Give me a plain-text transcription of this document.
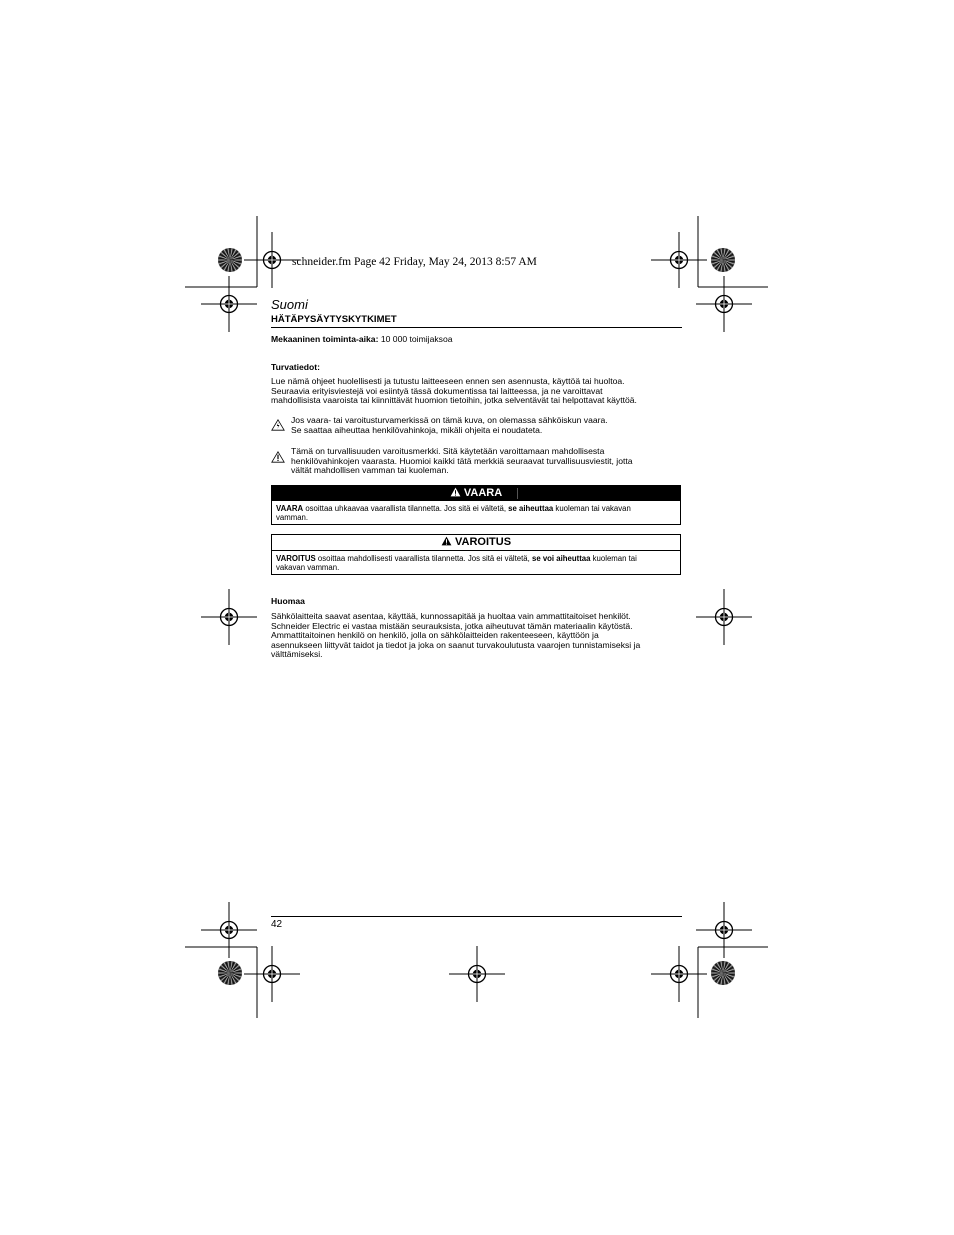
schneider.fm Page 42 Friday, May 24, 2013 8:57 AM
Suomi
HÄTÄPYSÄYTYSKYTKIMET
Mekaaninen toiminta-aika: 10 000 toimijaksoa
Turvatiedot:
Lue nämä ohjeet huolellisesti ja tutustu laitteeseen ennen sen asennusta, käyttöä tai huoltoa.
Seuraavia erityisviestejä voi esiintyä tässä dokumentissa tai laitteessa, ja ne varoittavat
mahdollisista vaaroista tai kiinnittävät huomion tietoihin, jotka selventävät tai helpottavat käyttöä.
Jos vaara- tai varoitusturvamerkissä on tämä kuva, on olemassa sähköiskun vaara.
Se saattaa aiheuttaa henkilövahinkoja, mikäli ohjeita ei noudateta.
Tämä on turvallisuuden varoitusmerkki. Sitä käytetään varoittamaan mahdollisesta
henkilövahinkojen vaarasta. Huomioi kaikki tätä merkkiä seuraavat turvallisuusviestit, jotta
vältät mahdollisen vamman tai kuoleman.
VAARA
VAARA osoittaa uhkaavaa vaarallista tilannetta. Jos sitä ei vältetä, se aiheuttaa kuoleman tai vakavan
vamman.
VAROITUS
VAROITUS osoittaa mahdollisesti vaarallista tilannetta. Jos sitä ei vältetä, se voi aiheuttaa kuoleman tai
vakavan vamman.
Huomaa
Sähkölaitteita saavat asentaa, käyttää, kunnossapitää ja huoltaa vain ammattitaitoiset henkilöt.
Schneider Electric ei vastaa mistään seurauksista, jotka aiheutuvat tämän materiaalin käytöstä.
Ammattitaitoinen henkilö on henkilö, jolla on sähkölaitteiden rakenteeseen, käyttöön ja
asennukseen liittyvät taidot ja tiedot ja joka on saanut turvakoulutusta vaarojen tunnistamiseksi ja
välttämiseksi.
42
